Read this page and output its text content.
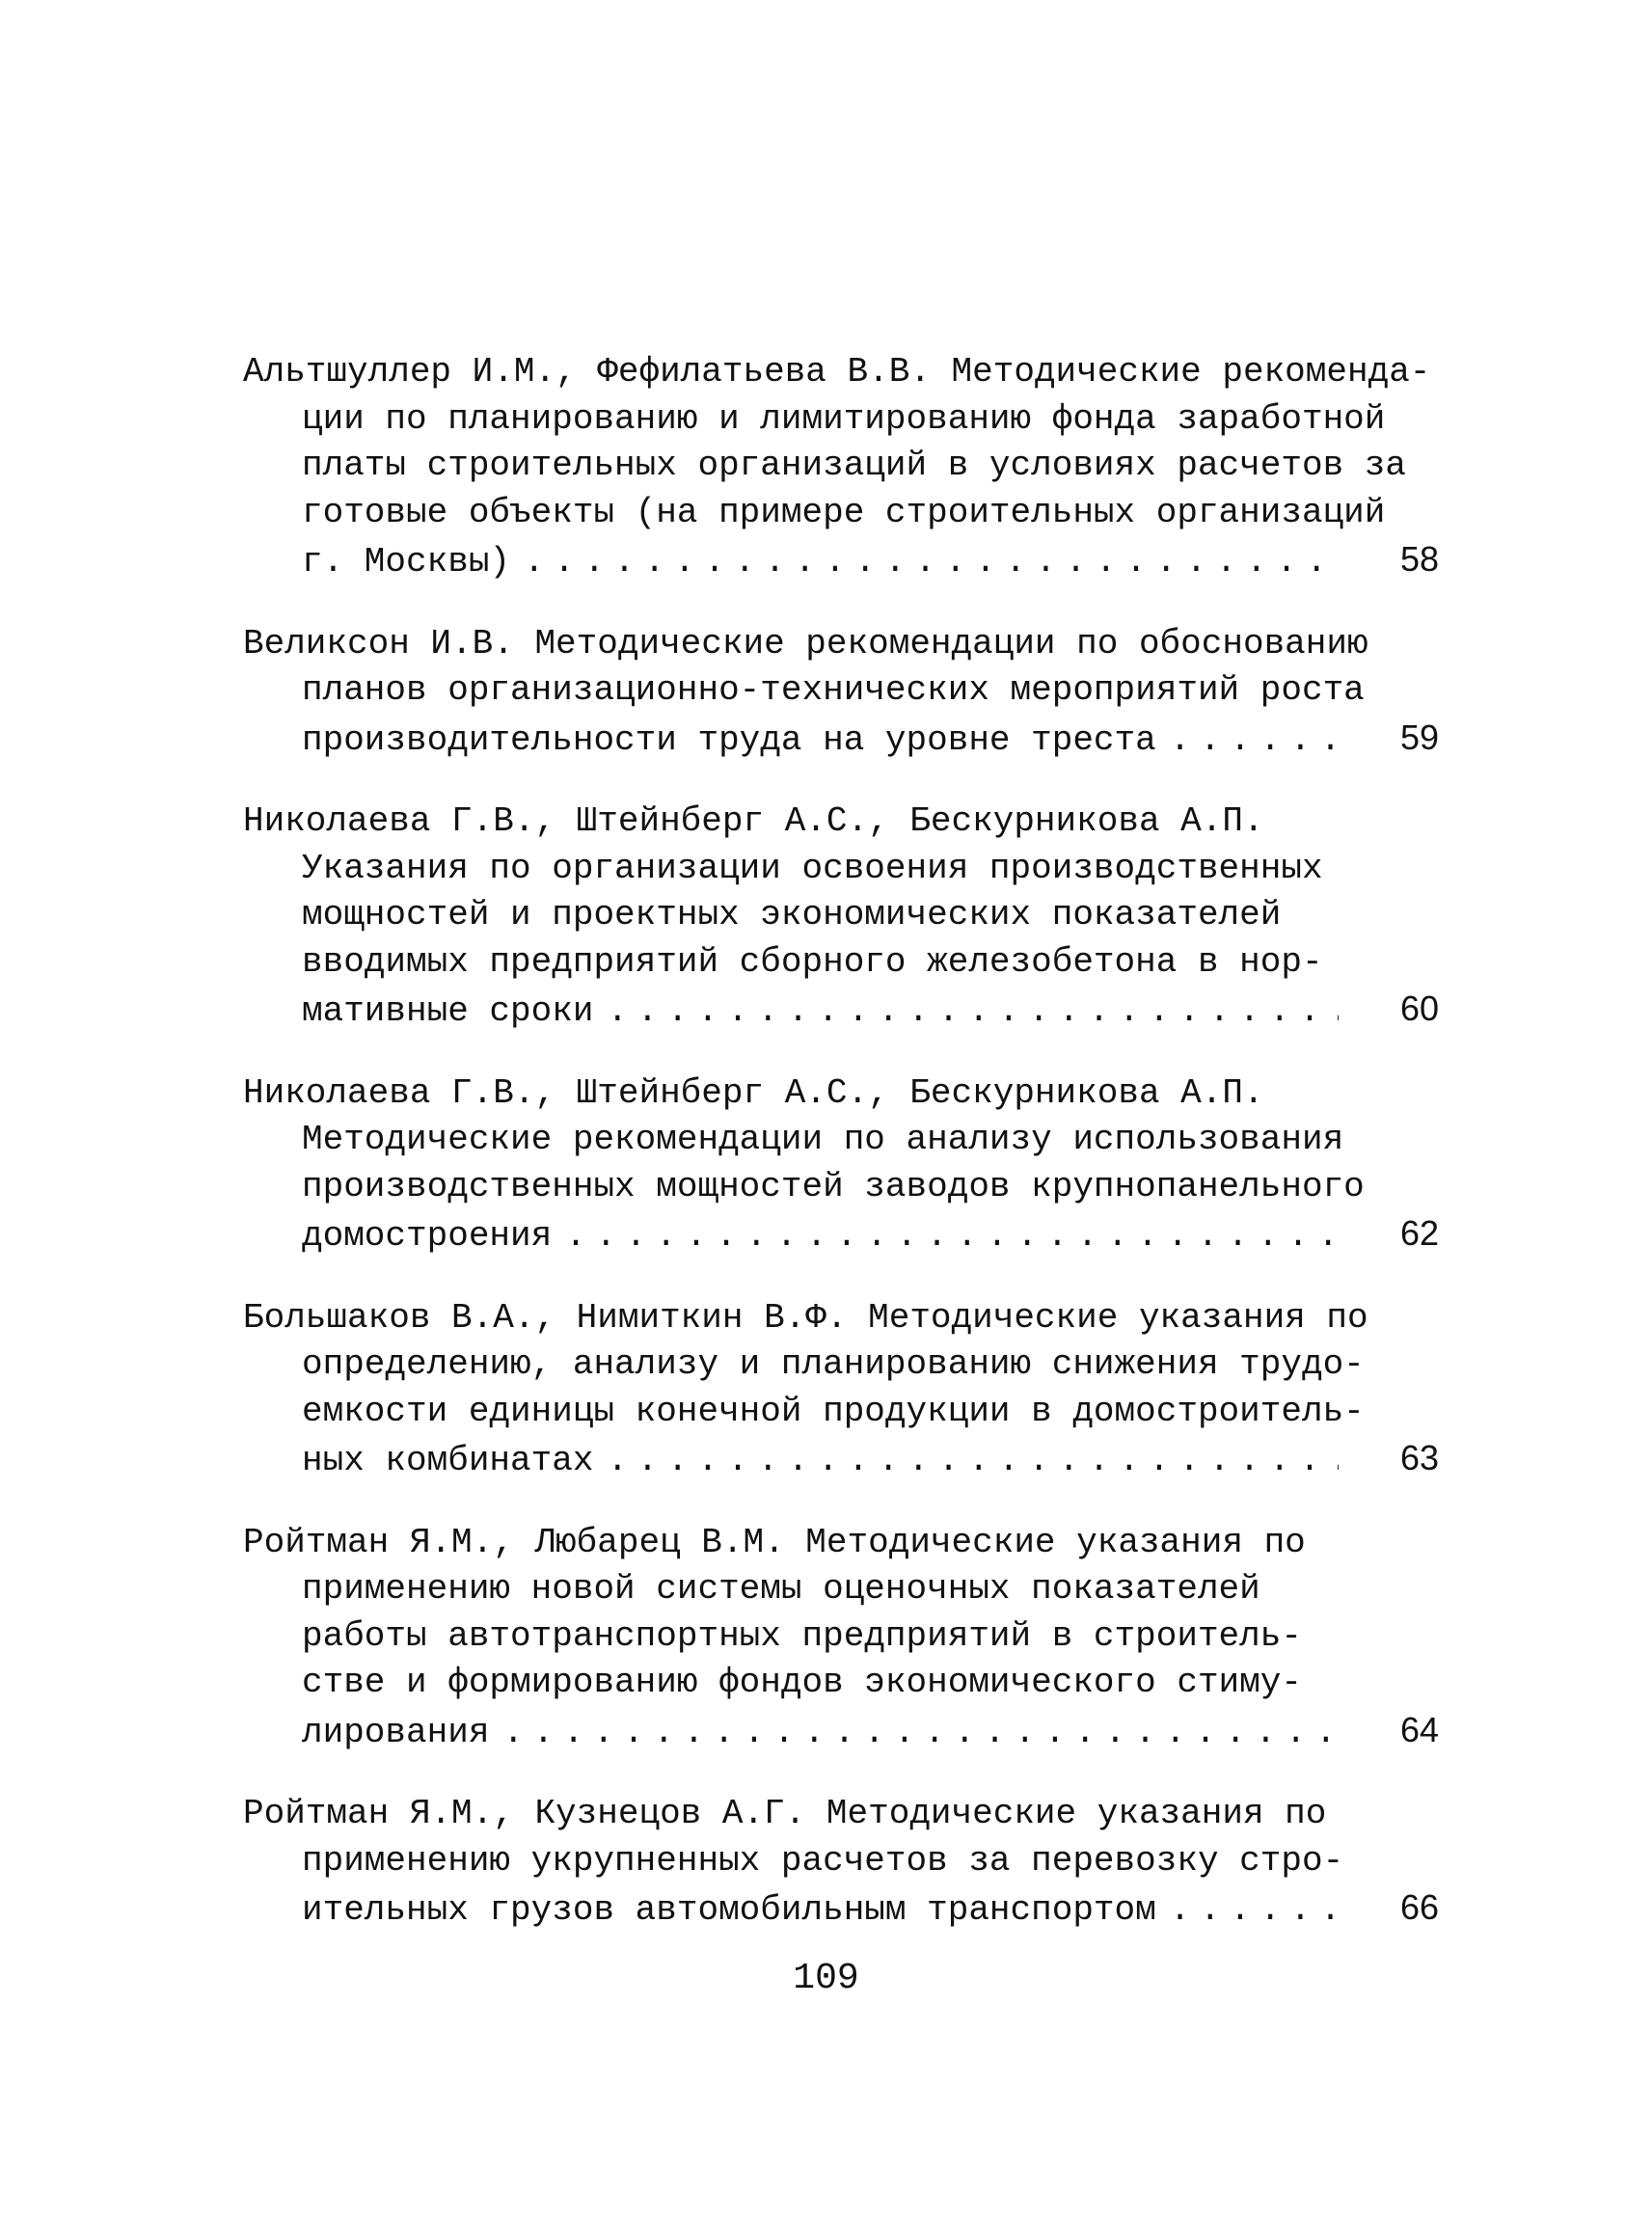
Альтшуллер И.М., Фефилатьева В.В. Методические рекоменда-
ции по планированию и лимитированию фонда заработной
платы строительных организаций в условиях расчетов за
готовые объекты (на примере строительных организаций
г. Москвы) . . .	58
Великсон И.В. Методические рекомендации по обоснованию
планов организационно-технических мероприятий роста
производительности труда на уровне треста . . .	59
Николаева Г.В., Штейнберг А.С., Бескурникова А.П.
Указания по организации освоения производственных
мощностей и проектных экономических показателей
вводимых предприятий сборного железобетона в нор-
мативные сроки . . .	60
Николаева Г.В., Штейнберг А.С., Бескурникова А.П.
Методические рекомендации по анализу использования
производственных мощностей заводов крупнопанельного
домостроения . . .	62
Большаков В.А., Нимиткин В.Ф. Методические указания по
определению, анализу и планированию снижения трудо-
емкости единицы конечной продукции в домостроитель-
ных комбинатах . . .	63
Ройтман Я.М., Любарец В.М. Методические указания по
применению новой системы оценочных показателей
работы автотранспортных предприятий в строитель-
стве и формированию фондов экономического стиму-
лирования . . .	64
Ройтман Я.М., Кузнецов А.Г. Методические указания по
применению укрупненных расчетов за перевозку стро-
ительных грузов автомобильным транспортом . . .	66
109
